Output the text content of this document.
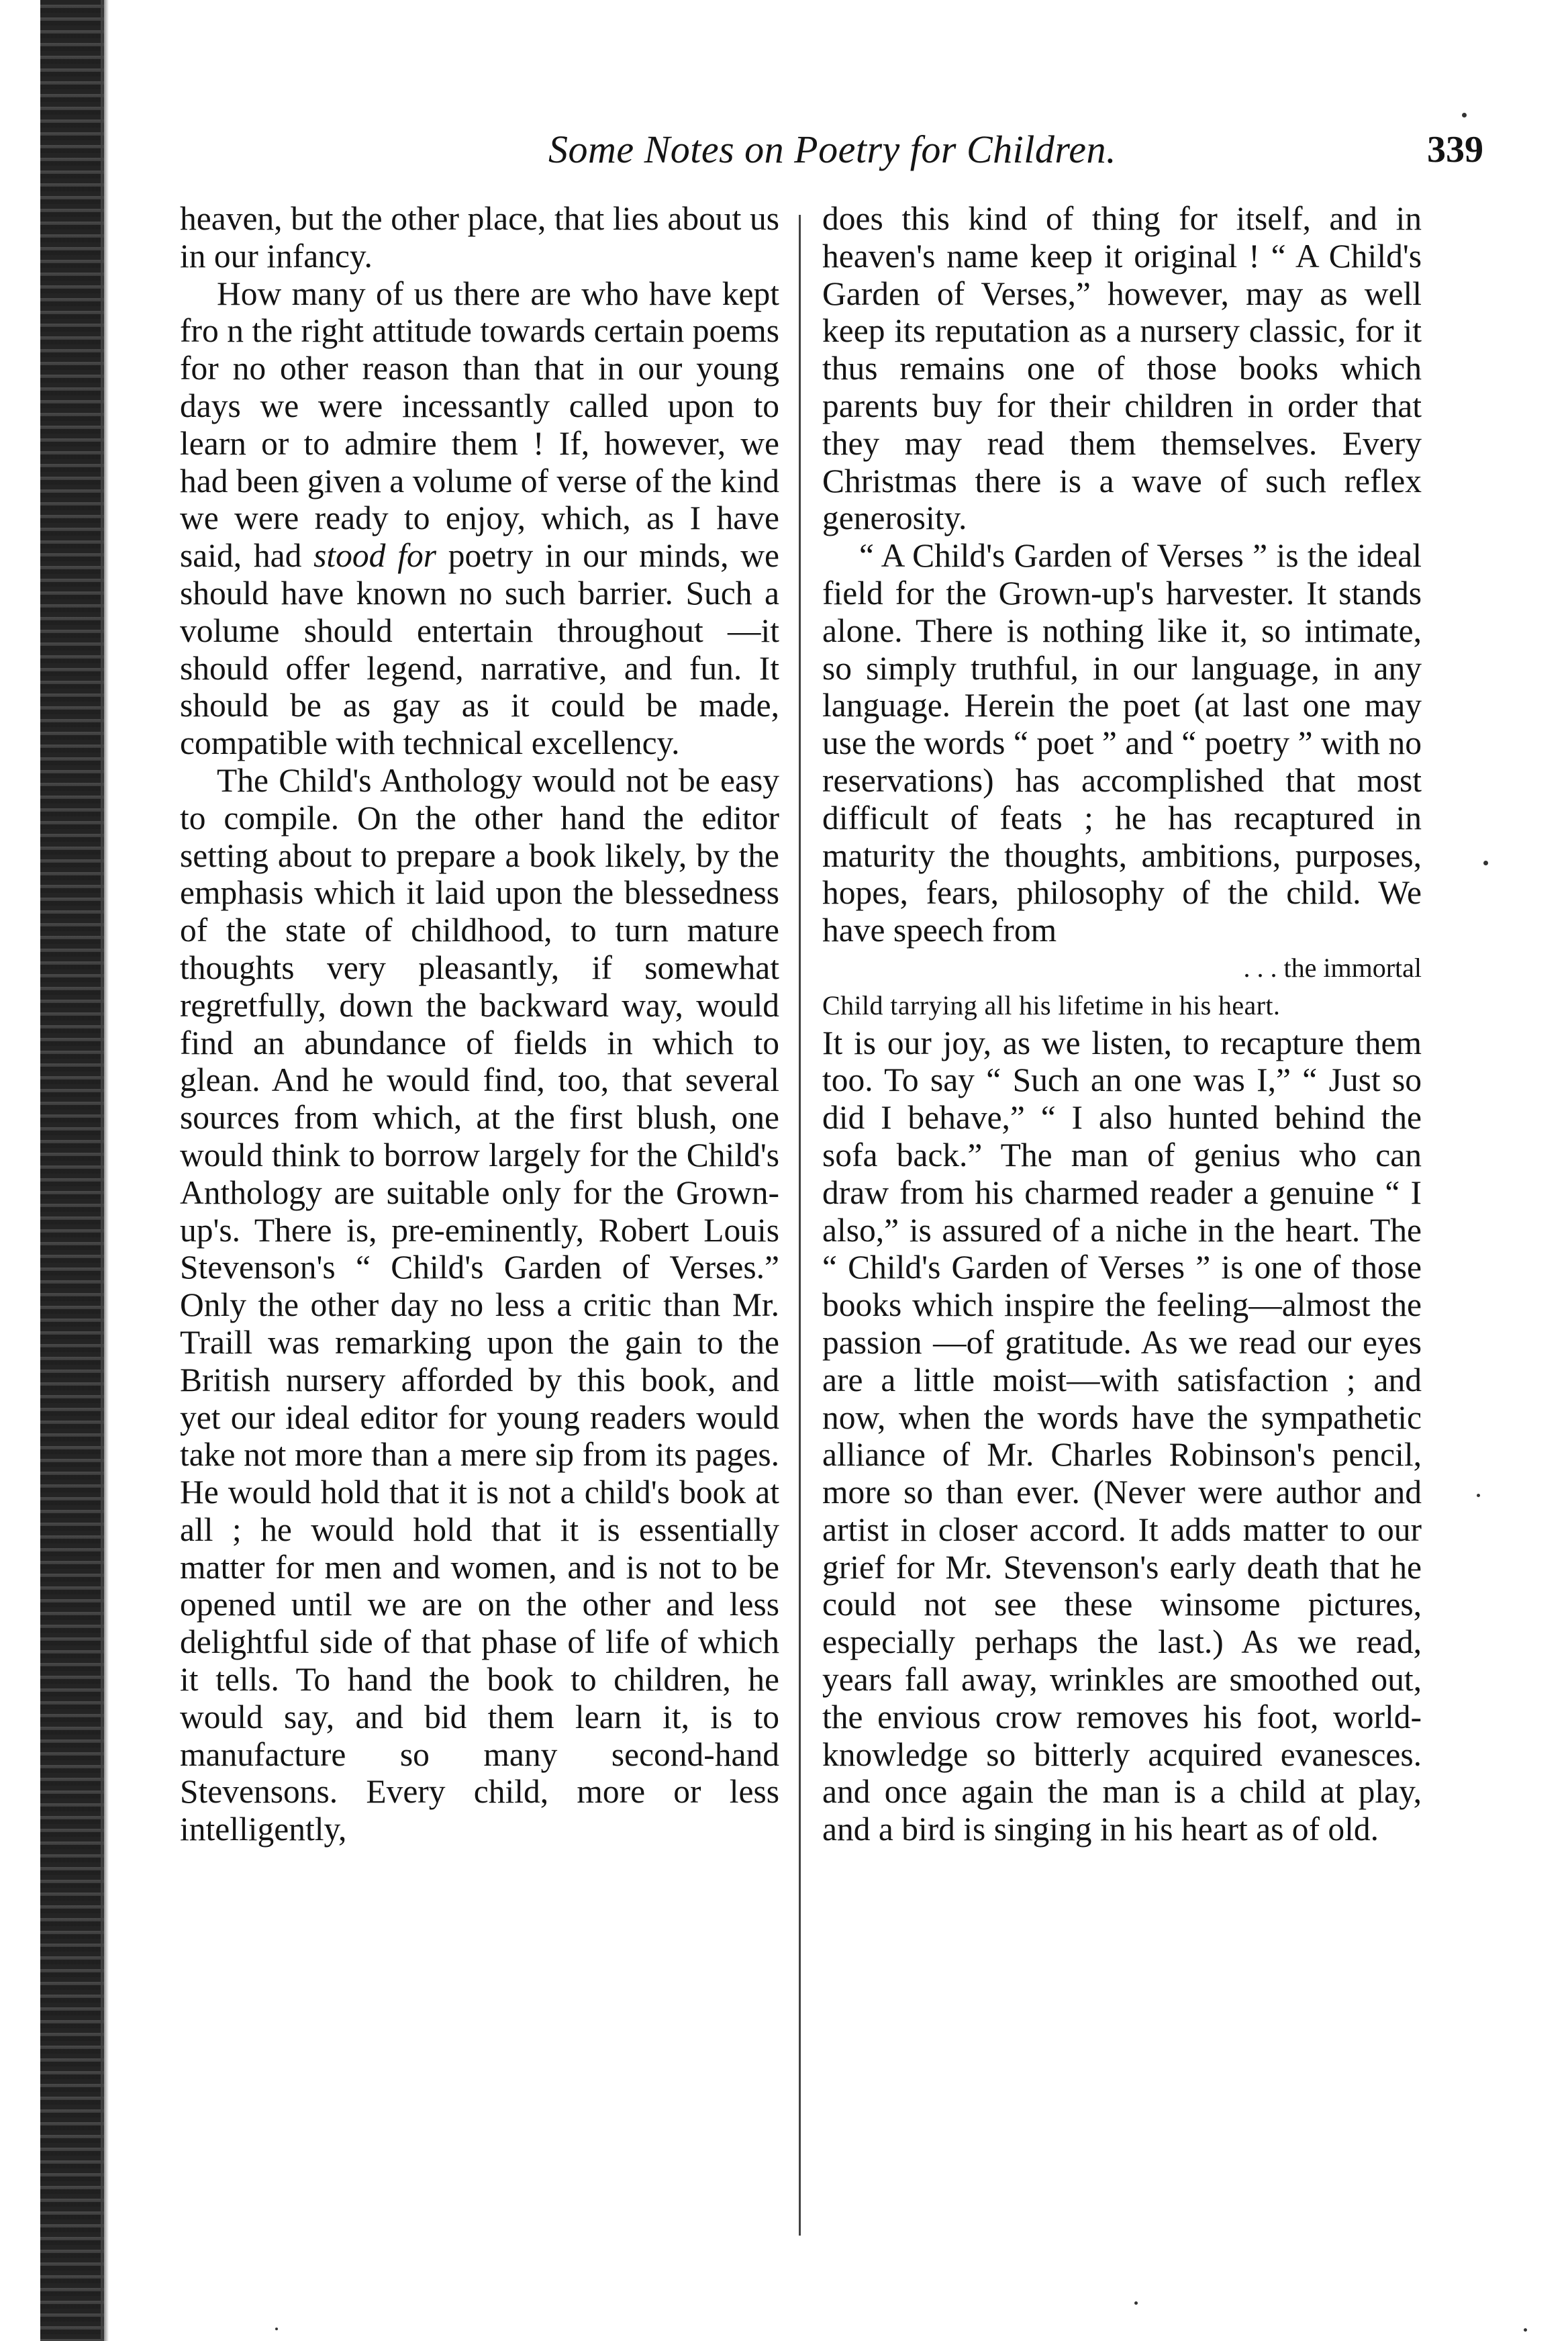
Some Notes on Poetry for Children.	339

heaven, but the other place, that lies about us in our infancy.

How many of us there are who have kept fro n the right attitude towards certain poems for no other reason than that in our young days we were incessantly called upon to learn or to admire them ! If, however, we had been given a volume of verse of the kind we were ready to enjoy, which, as I have said, had stood for poetry in our minds, we should have known no such barrier. Such a volume should entertain throughout —it should offer legend, narrative, and fun. It should be as gay as it could be made, compatible with technical excellency.

The Child's Anthology would not be easy to compile. On the other hand the editor setting about to prepare a book likely, by the emphasis which it laid upon the blessedness of the state of childhood, to turn mature thoughts very pleasantly, if somewhat regretfully, down the backward way, would find an abundance of fields in which to glean. And he would find, too, that several sources from which, at the first blush, one would think to borrow largely for the Child's Anthology are suitable only for the Grown-up's. There is, pre-eminently, Robert Louis Stevenson's “ Child's Garden of Verses.” Only the other day no less a critic than Mr. Traill was remarking upon the gain to the British nursery afforded by this book, and yet our ideal editor for young readers would take not more than a mere sip from its pages. He would hold that it is not a child's book at all ; he would hold that it is essentially matter for men and women, and is not to be opened until we are on the other and less delightful side of that phase of life of which it tells. To hand the book to children, he would say, and bid them learn it, is to manufacture so many second-hand Stevensons. Every child, more or less intelligently,

does this kind of thing for itself, and in heaven's name keep it original ! “ A Child's Garden of Verses,” however, may as well keep its reputation as a nursery classic, for it thus remains one of those books which parents buy for their children in order that they may read them themselves. Every Christmas there is a wave of such reflex generosity.

“ A Child's Garden of Verses ” is the ideal field for the Grown-up's harvester. It stands alone. There is nothing like it, so intimate, so simply truthful, in our language, in any language. Herein the poet (at last one may use the words “ poet ” and “ poetry ” with no reservations) has accomplished that most difficult of feats ; he has recaptured in maturity the thoughts, ambitions, purposes, hopes, fears, philosophy of the child. We have speech from

. . . the immortal

Child tarrying all his lifetime in his heart.

It is our joy, as we listen, to recapture them too. To say “ Such an one was I,” “ Just so did I behave,” “ I also hunted behind the sofa back.” The man of genius who can draw from his charmed reader a genuine “ I also,” is assured of a niche in the heart. The “ Child's Garden of Verses ” is one of those books which inspire the feeling—almost the passion —of gratitude. As we read our eyes are a little moist—with satisfaction ; and now, when the words have the sympathetic alliance of Mr. Charles Robinson's pencil, more so than ever. (Never were author and artist in closer accord. It adds matter to our grief for Mr. Stevenson's early death that he could not see these winsome pictures, especially perhaps the last.) As we read, years fall away, wrinkles are smoothed out, the envious crow removes his foot, world-knowledge so bitterly acquired evanesces. and once again the man is a child at play, and a bird is singing in his heart as of old.
